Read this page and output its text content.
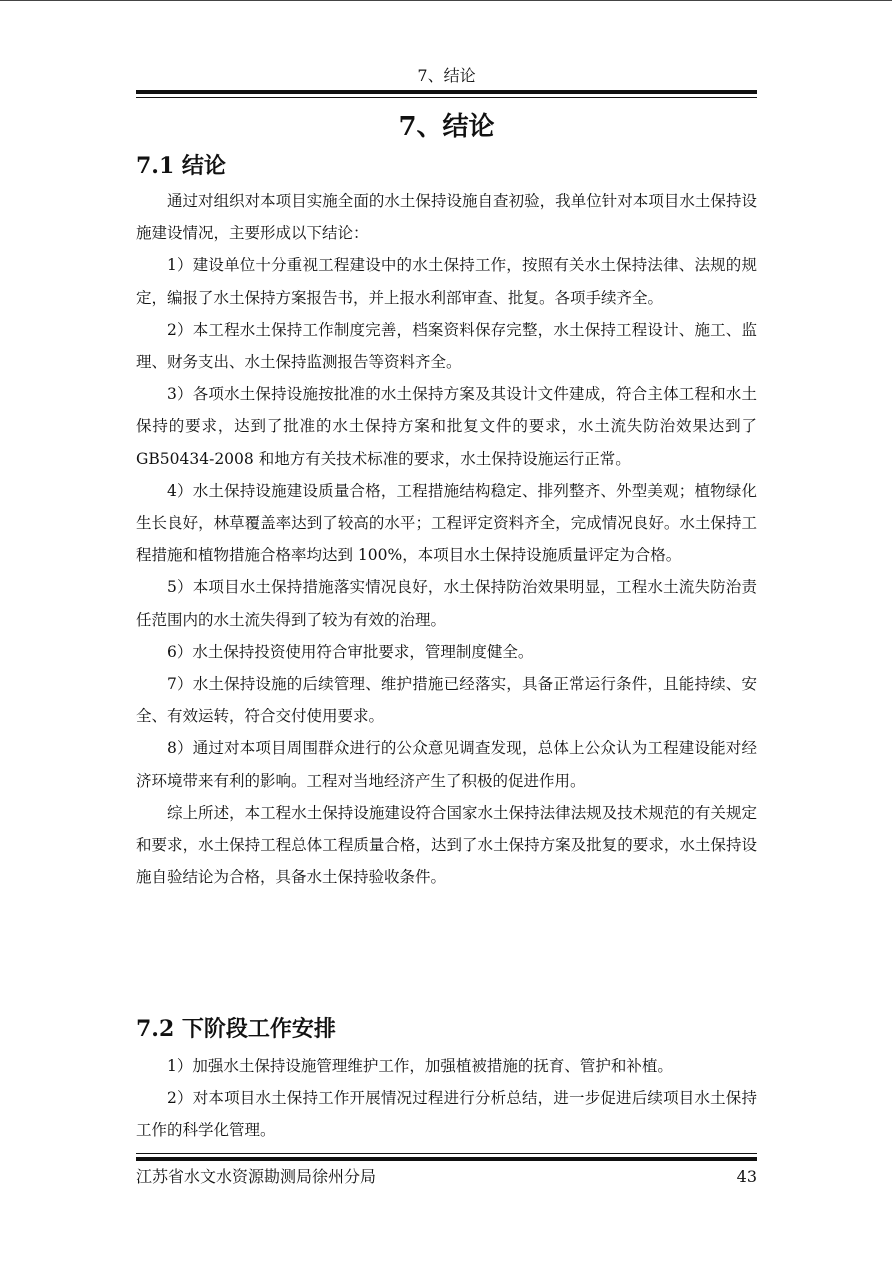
7、结论
7、结论
7.1 结论

通过对组织对本项目实施全面的水土保持设施自查初验，我单位针对本项目水土保持设施建设情况，主要形成以下结论：

1）建设单位十分重视工程建设中的水土保持工作，按照有关水土保持法律、法规的规定，编报了水土保持方案报告书，并上报水利部审查、批复。各项手续齐全。

2）本工程水土保持工作制度完善，档案资料保存完整，水土保持工程设计、施工、监理、财务支出、水土保持监测报告等资料齐全。

3）各项水土保持设施按批准的水土保持方案及其设计文件建成，符合主体工程和水土保持的要求，达到了批准的水土保持方案和批复文件的要求，水土流失防治效果达到了 GB50434-2008 和地方有关技术标准的要求，水土保持设施运行正常。

4）水土保持设施建设质量合格，工程措施结构稳定、排列整齐、外型美观；植物绿化生长良好，林草覆盖率达到了较高的水平；工程评定资料齐全，完成情况良好。水土保持工程措施和植物措施合格率均达到 100%，本项目水土保持设施质量评定为合格。

5）本项目水土保持措施落实情况良好，水土保持防治效果明显，工程水土流失防治责任范围内的水土流失得到了较为有效的治理。

6）水土保持投资使用符合审批要求，管理制度健全。

7）水土保持设施的后续管理、维护措施已经落实，具备正常运行条件，且能持续、安全、有效运转，符合交付使用要求。

8）通过对本项目周围群众进行的公众意见调查发现，总体上公众认为工程建设能对经济环境带来有利的影响。工程对当地经济产生了积极的促进作用。

综上所述，本工程水土保持设施建设符合国家水土保持法律法规及技术规范的有关规定和要求，水土保持工程总体工程质量合格，达到了水土保持方案及批复的要求，水土保持设施自验结论为合格，具备水土保持验收条件。

7.2 下阶段工作安排

1）加强水土保持设施管理维护工作，加强植被措施的抚育、管护和补植。

2）对本项目水土保持工作开展情况过程进行分析总结，进一步促进后续项目水土保持工作的科学化管理。

江苏省水文水资源勘测局徐州分局	43
